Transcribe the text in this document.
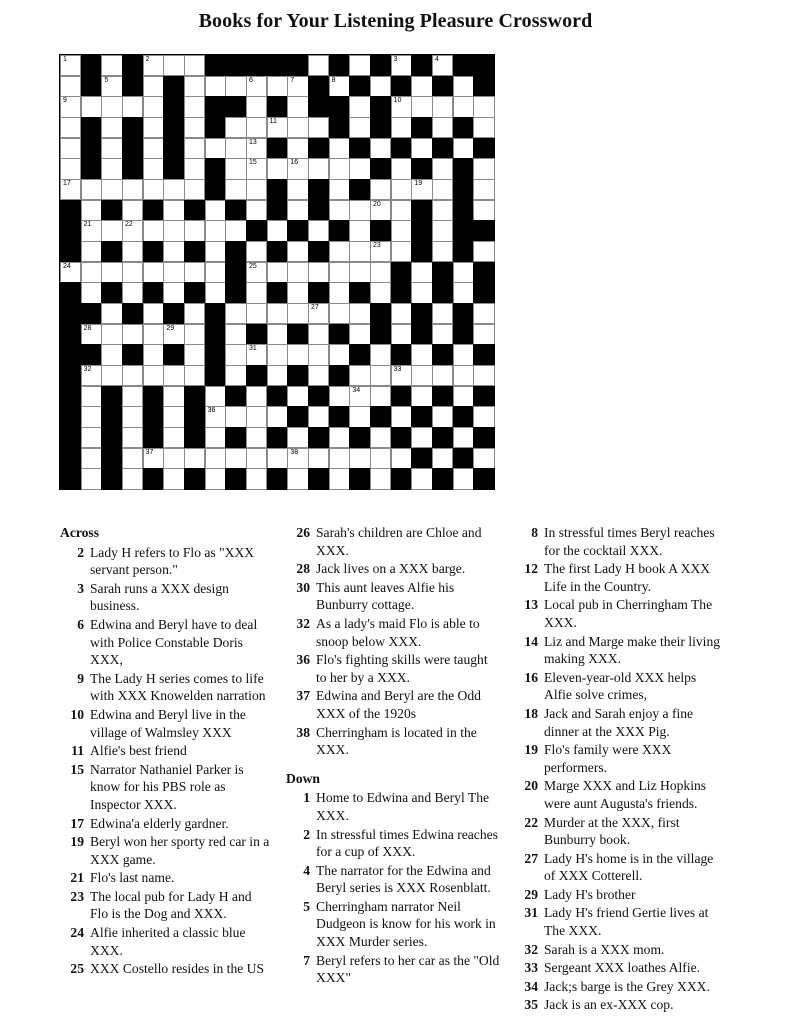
Books for Your Listening Pleasure Crossword
1	2	3	4
5	6	7	8
9	10
11
13
15	16
17	19
20
21	22
23
24	25
27
28	29
31
32	33
34
36
37	38
Across
2 Lady H refers to Flo as "XXX servant person."
3 Sarah runs a XXX design business.
6 Edwina and Beryl have to deal with Police Constable Doris XXX,
9 The Lady H series comes to life with XXX Knowelden narration
10 Edwina and Beryl live in the village of Walmsley XXX
11 Alfie's best friend
15 Narrator Nathaniel Parker is know for his PBS role as Inspector XXX.
17 Edwina'a elderly gardner.
19 Beryl won her sporty red car in a XXX game.
21 Flo's last name.
23 The local pub for Lady H and Flo is the Dog and XXX.
24 Alfie inherited a classic blue XXX.
25 XXX Costello resides in the US
26 Sarah's children are Chloe and XXX.
28 Jack lives on a XXX barge.
30 This aunt leaves Alfie his Bunburry cottage.
32 As a lady's maid Flo is able to snoop below XXX.
36 Flo's fighting skills were taught to her by a XXX.
37 Edwina and Beryl are the Odd XXX of the 1920s
38 Cherringham is located in the XXX.
Down
1 Home to Edwina and Beryl The XXX.
2 In stressful times Edwina reaches for a cup of XXX.
4 The narrator for the Edwina and Beryl series is XXX Rosenblatt.
5 Cherringham narrator Neil Dudgeon is know for his work in XXX Murder series.
7 Beryl refers to her car as the "Old XXX"
8 In stressful times Beryl reaches for the cocktail XXX.
12 The first Lady H book A XXX Life in the Country.
13 Local pub in Cherringham The XXX.
14 Liz and Marge make their living making XXX.
16 Eleven-year-old XXX helps Alfie solve crimes,
18 Jack and Sarah enjoy a fine dinner at the XXX Pig.
19 Flo's family were XXX performers.
20 Marge XXX and Liz Hopkins were aunt Augusta's friends.
22 Murder at the XXX, first Bunburry book.
27 Lady H's home is in the village of XXX Cotterell.
29 Lady H's brother
31 Lady H's friend Gertie lives at The XXX.
32 Sarah is a XXX mom.
33 Sergeant XXX loathes Alfie.
34 Jack;s barge is the Grey XXX.
35 Jack is an ex-XXX cop.
